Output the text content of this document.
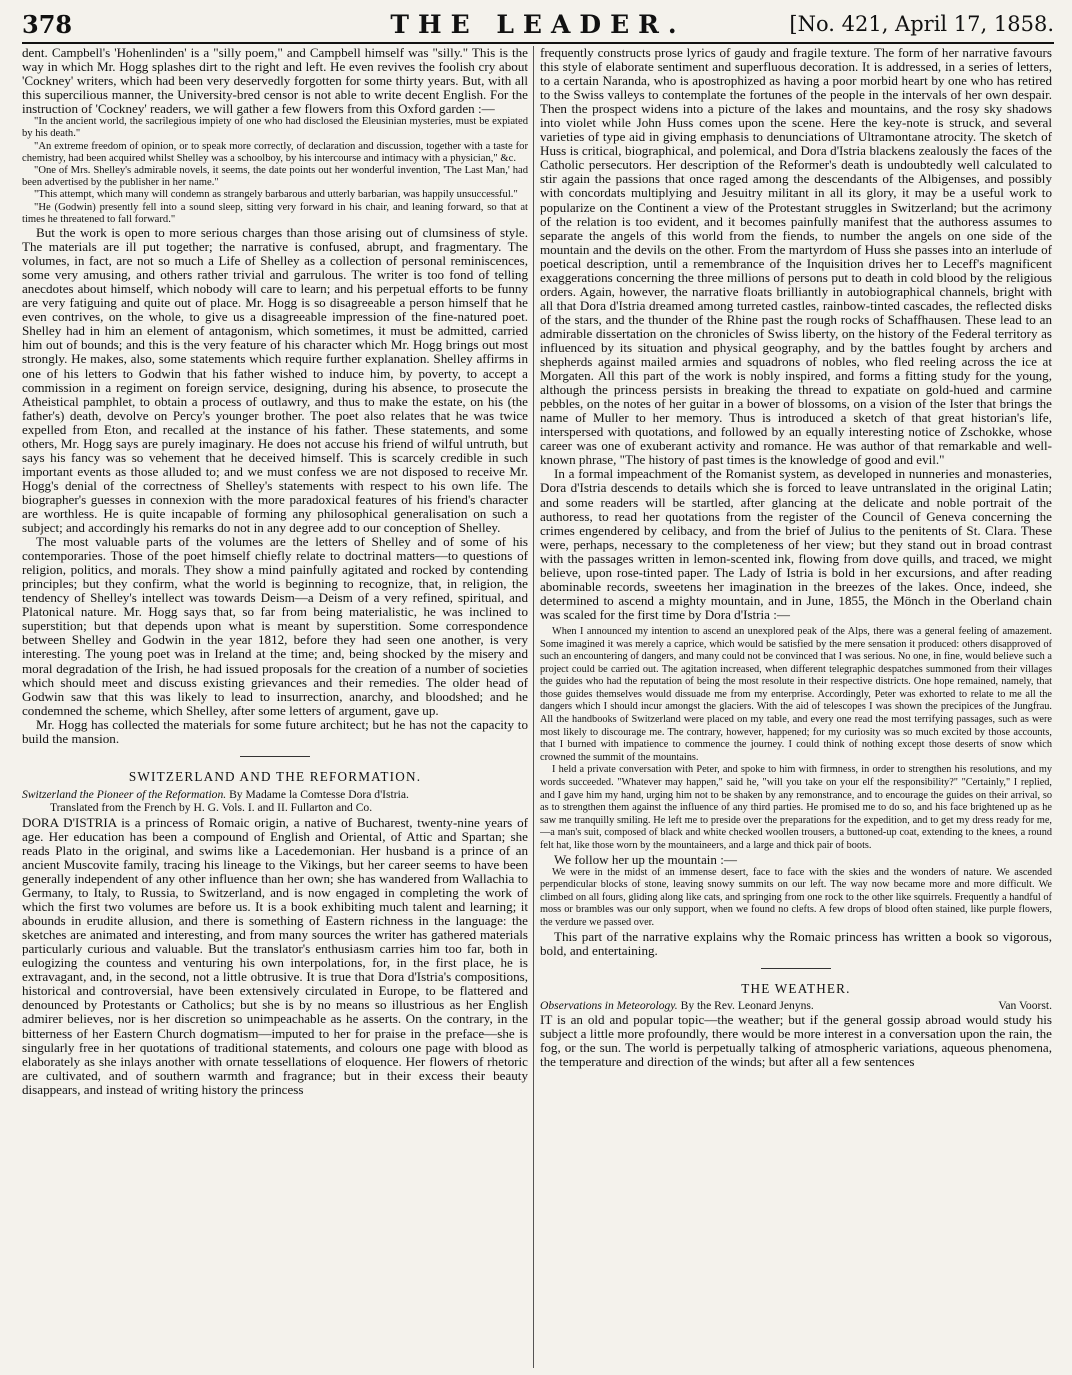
378	THE LEADER.	[No. 421, April 17, 1858.

dent. Campbell's 'Hohenlinden' is a "silly poem," and Campbell himself was "silly." This is the way in which Mr. Hogg splashes dirt to the right and left. He even revives the foolish cry about 'Cockney' writers, which had been very deservedly forgotten for some thirty years. But, with all this supercilious manner, the University-bred censor is not able to write decent English. For the instruction of 'Cockney' readers, we will gather a few flowers from this Oxford garden :—

"In the ancient world, the sacrilegious impiety of one who had disclosed the Eleusinian mysteries, must be expiated by his death."

"An extreme freedom of opinion, or to speak more correctly, of declaration and discussion, together with a taste for chemistry, had been acquired whilst Shelley was a schoolboy, by his intercourse and intimacy with a physician," &c.

"One of Mrs. Shelley's admirable novels, it seems, the date points out her wonderful invention, 'The Last Man,' had been advertised by the publisher in her name."

"This attempt, which many will condemn as strangely barbarous and utterly barbarian, was happily unsuccessful."

"He (Godwin) presently fell into a sound sleep, sitting very forward in his chair, and leaning forward, so that at times he threatened to fall forward."

But the work is open to more serious charges than those arising out of clumsiness of style. The materials are ill put together; the narrative is confused, abrupt, and fragmentary. The volumes, in fact, are not so much a Life of Shelley as a collection of personal reminiscences, some very amusing, and others rather trivial and garrulous. The writer is too fond of telling anecdotes about himself, which nobody will care to learn; and his perpetual efforts to be funny are very fatiguing and quite out of place. Mr. Hogg is so disagreeable a person himself that he even contrives, on the whole, to give us a disagreeable impression of the fine-natured poet. Shelley had in him an element of antagonism, which sometimes, it must be admitted, carried him out of bounds; and this is the very feature of his character which Mr. Hogg brings out most strongly. He makes, also, some statements which require further explanation. Shelley affirms in one of his letters to Godwin that his father wished to induce him, by poverty, to accept a commission in a regiment on foreign service, designing, during his absence, to prosecute the Atheistical pamphlet, to obtain a process of outlawry, and thus to make the estate, on his (the father's) death, devolve on Percy's younger brother. The poet also relates that he was twice expelled from Eton, and recalled at the instance of his father. These statements, and some others, Mr. Hogg says are purely imaginary. He does not accuse his friend of wilful untruth, but says his fancy was so vehement that he deceived himself. This is scarcely credible in such important events as those alluded to; and we must confess we are not disposed to receive Mr. Hogg's denial of the correctness of Shelley's statements with respect to his own life. The biographer's guesses in connexion with the more paradoxical features of his friend's character are worthless. He is quite incapable of forming any philosophical generalisation on such a subject; and accordingly his remarks do not in any degree add to our conception of Shelley.

The most valuable parts of the volumes are the letters of Shelley and of some of his contemporaries. Those of the poet himself chiefly relate to doctrinal matters—to questions of religion, politics, and morals. They show a mind painfully agitated and rocked by contending principles; but they confirm, what the world is beginning to recognize, that, in religion, the tendency of Shelley's intellect was towards Deism—a Deism of a very refined, spiritual, and Platonical nature. Mr. Hogg says that, so far from being materialistic, he was inclined to superstition; but that depends upon what is meant by superstition. Some correspondence between Shelley and Godwin in the year 1812, before they had seen one another, is very interesting. The young poet was in Ireland at the time; and, being shocked by the misery and moral degradation of the Irish, he had issued proposals for the creation of a number of societies which should meet and discuss existing grievances and their remedies. The older head of Godwin saw that this was likely to lead to insurrection, anarchy, and bloodshed; and he condemned the scheme, which Shelley, after some letters of argument, gave up.

Mr. Hogg has collected the materials for some future architect; but he has not the capacity to build the mansion.

SWITZERLAND AND THE REFORMATION.

Switzerland the Pioneer of the Reformation. By Madame la Comtesse Dora d'Istria.

Translated from the French by H. G. Vols. I. and II. Fullarton and Co.

DORA D'ISTRIA is a princess of Romaic origin, a native of Bucharest, twenty-nine years of age. Her education has been a compound of English and Oriental, of Attic and Spartan; she reads Plato in the original, and swims like a Lacedemonian. Her husband is a prince of an ancient Muscovite family, tracing his lineage to the Vikings, but her career seems to have been generally independent of any other influence than her own; she has wandered from Wallachia to Germany, to Italy, to Russia, to Switzerland, and is now engaged in completing the work of which the first two volumes are before us. It is a book exhibiting much talent and learning; it abounds in erudite allusion, and there is something of Eastern richness in the language: the sketches are animated and interesting, and from many sources the writer has gathered materials particularly curious and valuable. But the translator's enthusiasm carries him too far, both in eulogizing the countess and venturing his own interpolations, for, in the first place, he is extravagant, and, in the second, not a little obtrusive. It is true that Dora d'Istria's compositions, historical and controversial, have been extensively circulated in Europe, to be flattered and denounced by Protestants or Catholics; but she is by no means so illustrious as her English admirer believes, nor is her discretion so unimpeachable as he asserts. On the contrary, in the bitterness of her Eastern Church dogmatism—imputed to her for praise in the preface—she is singularly free in her quotations of traditional statements, and colours one page with blood as elaborately as she inlays another with ornate tessellations of eloquence. Her flowers of rhetoric are cultivated, and of southern warmth and fragrance; but in their excess their beauty disappears, and instead of writing history the princess

frequently constructs prose lyrics of gaudy and fragile texture. The form of her narrative favours this style of elaborate sentiment and superfluous decoration. It is addressed, in a series of letters, to a certain Naranda, who is apostrophized as having a poor morbid heart by one who has retired to the Swiss valleys to contemplate the fortunes of the people in the intervals of her own despair. Then the prospect widens into a picture of the lakes and mountains, and the rosy sky shadows into violet while John Huss comes upon the scene. Here the key-note is struck, and several varieties of type aid in giving emphasis to denunciations of Ultramontane atrocity. The sketch of Huss is critical, biographical, and polemical, and Dora d'Istria blackens zealously the faces of the Catholic persecutors. Her description of the Reformer's death is undoubtedly well calculated to stir again the passions that once raged among the descendants of the Albigenses, and possibly with concordats multiplying and Jesuitry militant in all its glory, it may be a useful work to popularize on the Continent a view of the Protestant struggles in Switzerland; but the acrimony of the relation is too evident, and it becomes painfully manifest that the authoress assumes to separate the angels of this world from the fiends, to number the angels on one side of the mountain and the devils on the other. From the martyrdom of Huss she passes into an interlude of poetical description, until a remembrance of the Inquisition drives her to Leceff's magnificent exaggerations concerning the three millions of persons put to death in cold blood by the religious orders. Again, however, the narrative floats brilliantly in autobiographical channels, bright with all that Dora d'Istria dreamed among turreted castles, rainbow-tinted cascades, the reflected disks of the stars, and the thunder of the Rhine past the rough rocks of Schaffhausen. These lead to an admirable dissertation on the chronicles of Swiss liberty, on the history of the Federal territory as influenced by its situation and physical geography, and by the battles fought by archers and shepherds against mailed armies and squadrons of nobles, who fled reeling across the ice at Morgaten. All this part of the work is nobly inspired, and forms a fitting study for the young, although the princess persists in breaking the thread to expatiate on gold-hued and carmine pebbles, on the notes of her guitar in a bower of blossoms, on a vision of the Ister that brings the name of Muller to her memory. Thus is introduced a sketch of that great historian's life, interspersed with quotations, and followed by an equally interesting notice of Zschokke, whose career was one of exuberant activity and romance. He was author of that remarkable and well-known phrase, "The history of past times is the knowledge of good and evil."

In a formal impeachment of the Romanist system, as developed in nunneries and monasteries, Dora d'Istria descends to details which she is forced to leave untranslated in the original Latin; and some readers will be startled, after glancing at the delicate and noble portrait of the authoress, to read her quotations from the register of the Council of Geneva concerning the crimes engendered by celibacy, and from the brief of Julius to the penitents of St. Clara. These were, perhaps, necessary to the completeness of her view; but they stand out in broad contrast with the passages written in lemon-scented ink, flowing from dove quills, and traced, we might believe, upon rose-tinted paper. The Lady of Istria is bold in her excursions, and after reading abominable records, sweetens her imagination in the breezes of the lakes. Once, indeed, she determined to ascend a mighty mountain, and in June, 1855, the Mönch in the Oberland chain was scaled for the first time by Dora d'Istria :—

When I announced my intention to ascend an unexplored peak of the Alps, there was a general feeling of amazement. Some imagined it was merely a caprice, which would be satisfied by the mere sensation it produced: others disapproved of such an encountering of dangers, and many could not be convinced that I was serious. No one, in fine, would believe such a project could be carried out. The agitation increased, when different telegraphic despatches summoned from their villages the guides who had the reputation of being the most resolute in their respective districts. One hope remained, namely, that those guides themselves would dissuade me from my enterprise. Accordingly, Peter was exhorted to relate to me all the dangers which I should incur amongst the glaciers. With the aid of telescopes I was shown the precipices of the Jungfrau. All the handbooks of Switzerland were placed on my table, and every one read the most terrifying passages, such as were most likely to discourage me. The contrary, however, happened; for my curiosity was so much excited by those accounts, that I burned with impatience to commence the journey. I could think of nothing except those deserts of snow which crowned the summit of the mountains.

I held a private conversation with Peter, and spoke to him with firmness, in order to strengthen his resolutions, and my words succeeded. "Whatever may happen," said he, "will you take on your elf the responsibility?" "Certainly," I replied, and I gave him my hand, urging him not to be shaken by any remonstrance, and to encourage the guides on their arrival, so as to strengthen them against the influence of any third parties. He promised me to do so, and his face brightened up as he saw me tranquilly smiling. He left me to preside over the preparations for the expedition, and to get my dress ready for me,—a man's suit, composed of black and white checked woollen trousers, a buttoned-up coat, extending to the knees, a round felt hat, like those worn by the mountaineers, and a large and thick pair of boots.

We follow her up the mountain :—

We were in the midst of an immense desert, face to face with the skies and the wonders of nature. We ascended perpendicular blocks of stone, leaving snowy summits on our left. The way now became more and more difficult. We climbed on all fours, gliding along like cats, and springing from one rock to the other like squirrels. Frequently a handful of moss or brambles was our only support, when we found no clefts. A few drops of blood often stained, like purple flowers, the verdure we passed over.

This part of the narrative explains why the Romaic princess has written a book so vigorous, bold, and entertaining.

THE WEATHER.

Observations in Meteorology. By the Rev. Leonard Jenyns.	Van Voorst.

IT is an old and popular topic—the weather; but if the general gossip abroad would study his subject a little more profoundly, there would be more interest in a conversation upon the rain, the fog, or the sun. The world is perpetually talking of atmospheric variations, aqueous phenomena, the temperature and direction of the winds; but after all a few sentences
